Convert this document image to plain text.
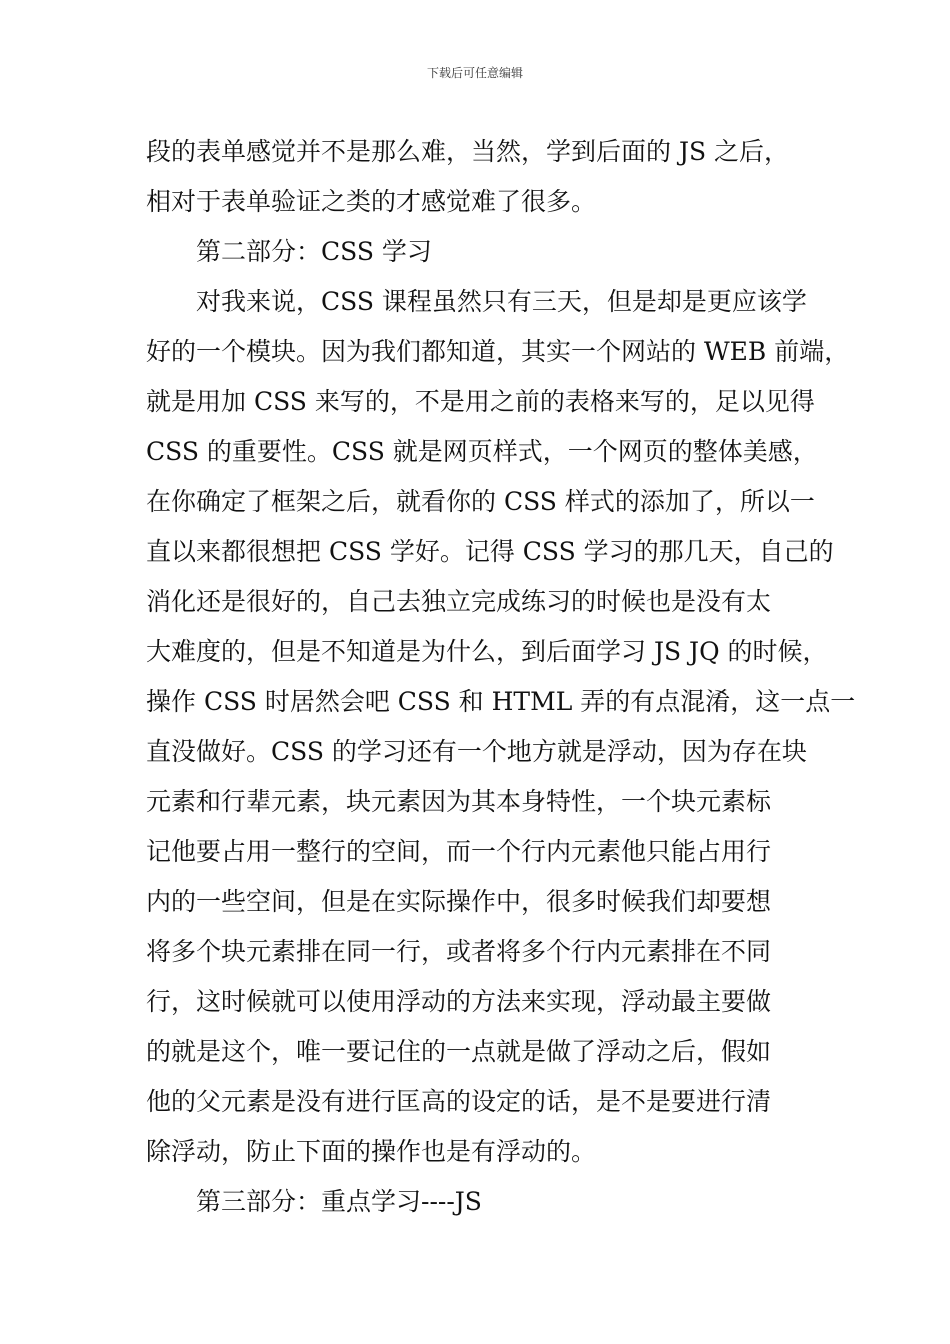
下载后可任意编辑
段的表单感觉并不是那么难，当然，学到后面的 JS 之后，
相对于表单验证之类的才感觉难了很多。
第二部分：CSS 学习
对我来说，CSS 课程虽然只有三天，但是却是更应该学
好的一个模块。因为我们都知道，其实一个网站的 WEB 前端，
就是用加 CSS 来写的，不是用之前的表格来写的，足以见得
CSS 的重要性。CSS 就是网页样式，一个网页的整体美感，
在你确定了框架之后，就看你的 CSS 样式的添加了，所以一
直以来都很想把 CSS 学好。记得 CSS 学习的那几天，自己的
消化还是很好的，自己去独立完成练习的时候也是没有太
大难度的，但是不知道是为什么，到后面学习 JS JQ 的时候，
操作 CSS 时居然会吧 CSS 和 HTML 弄的有点混淆，这一点一
直没做好。CSS 的学习还有一个地方就是浮动，因为存在块
元素和行辈元素，块元素因为其本身特性，一个块元素标
记他要占用一整行的空间，而一个行内元素他只能占用行
内的一些空间，但是在实际操作中，很多时候我们却要想
将多个块元素排在同一行，或者将多个行内元素排在不同
行，这时候就可以使用浮动的方法来实现，浮动最主要做
的就是这个，唯一要记住的一点就是做了浮动之后，假如
他的父元素是没有进行匡高的设定的话，是不是要进行清
除浮动，防止下面的操作也是有浮动的。
第三部分：重点学习----JS
